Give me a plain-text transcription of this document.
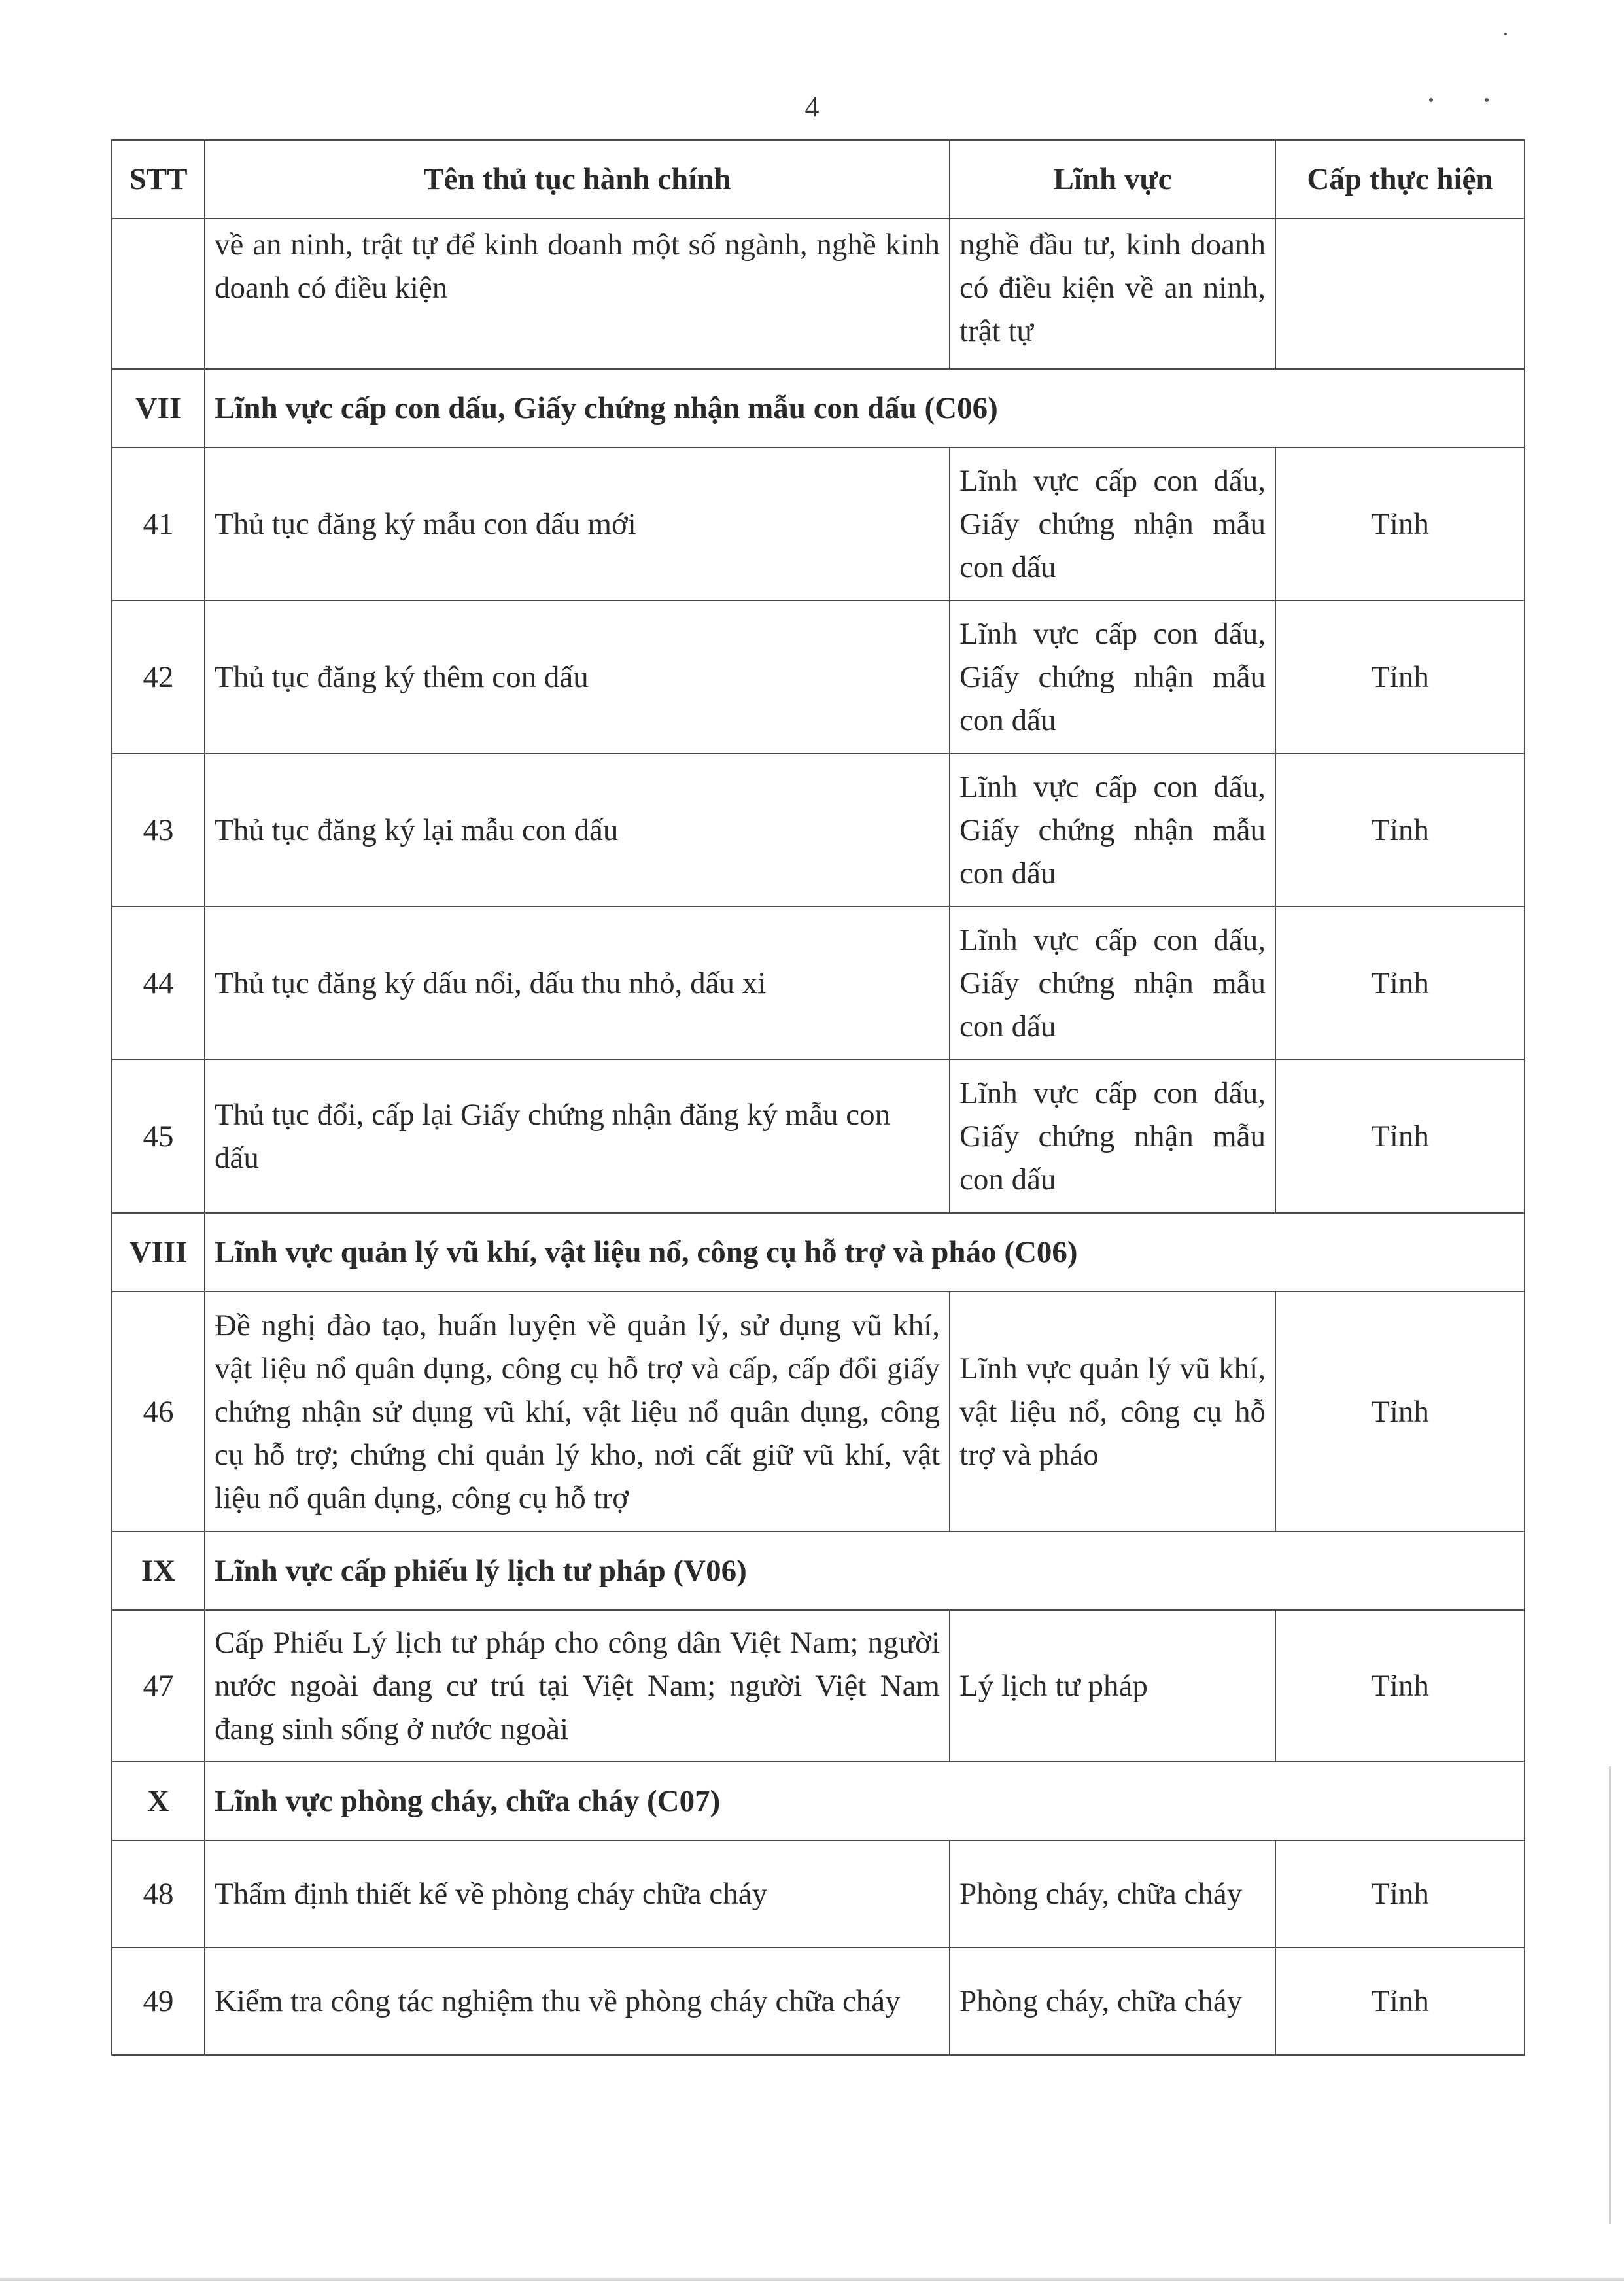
4
STT	Tên thủ tục hành chính	Lĩnh vực	Cấp thực hiện
	về an ninh, trật tự để kinh doanh một số ngành, nghề kinh doanh có điều kiện	nghề đầu tư, kinh doanh có điều kiện về an ninh, trật tự	
VII	Lĩnh vực cấp con dấu, Giấy chứng nhận mẫu con dấu (C06)		
41	Thủ tục đăng ký mẫu con dấu mới	Lĩnh vực cấp con dấu, Giấy chứng nhận mẫu con dấu	Tỉnh
42	Thủ tục đăng ký thêm con dấu	Lĩnh vực cấp con dấu, Giấy chứng nhận mẫu con dấu	Tỉnh
43	Thủ tục đăng ký lại mẫu con dấu	Lĩnh vực cấp con dấu, Giấy chứng nhận mẫu con dấu	Tỉnh
44	Thủ tục đăng ký dấu nổi, dấu thu nhỏ, dấu xi	Lĩnh vực cấp con dấu, Giấy chứng nhận mẫu con dấu	Tỉnh
45	Thủ tục đổi, cấp lại Giấy chứng nhận đăng ký mẫu con dấu	Lĩnh vực cấp con dấu, Giấy chứng nhận mẫu con dấu	Tỉnh
VIII	Lĩnh vực quản lý vũ khí, vật liệu nổ, công cụ hỗ trợ và pháo (C06)		
46	Đề nghị đào tạo, huấn luyện về quản lý, sử dụng vũ khí, vật liệu nổ quân dụng, công cụ hỗ trợ và cấp, cấp đổi giấy chứng nhận sử dụng vũ khí, vật liệu nổ quân dụng, công cụ hỗ trợ; chứng chỉ quản lý kho, nơi cất giữ vũ khí, vật liệu nổ quân dụng, công cụ hỗ trợ	Lĩnh vực quản lý vũ khí, vật liệu nổ, công cụ hỗ trợ và pháo	Tỉnh
IX	Lĩnh vực cấp phiếu lý lịch tư pháp (V06)		
47	Cấp Phiếu Lý lịch tư pháp cho công dân Việt Nam; người nước ngoài đang cư trú tại Việt Nam; người Việt Nam đang sinh sống ở nước ngoài	Lý lịch tư pháp	Tỉnh
X	Lĩnh vực phòng cháy, chữa cháy (C07)		
48	Thẩm định thiết kế về phòng cháy chữa cháy	Phòng cháy, chữa cháy	Tỉnh
49	Kiểm tra công tác nghiệm thu về phòng cháy chữa cháy	Phòng cháy, chữa cháy	Tỉnh
